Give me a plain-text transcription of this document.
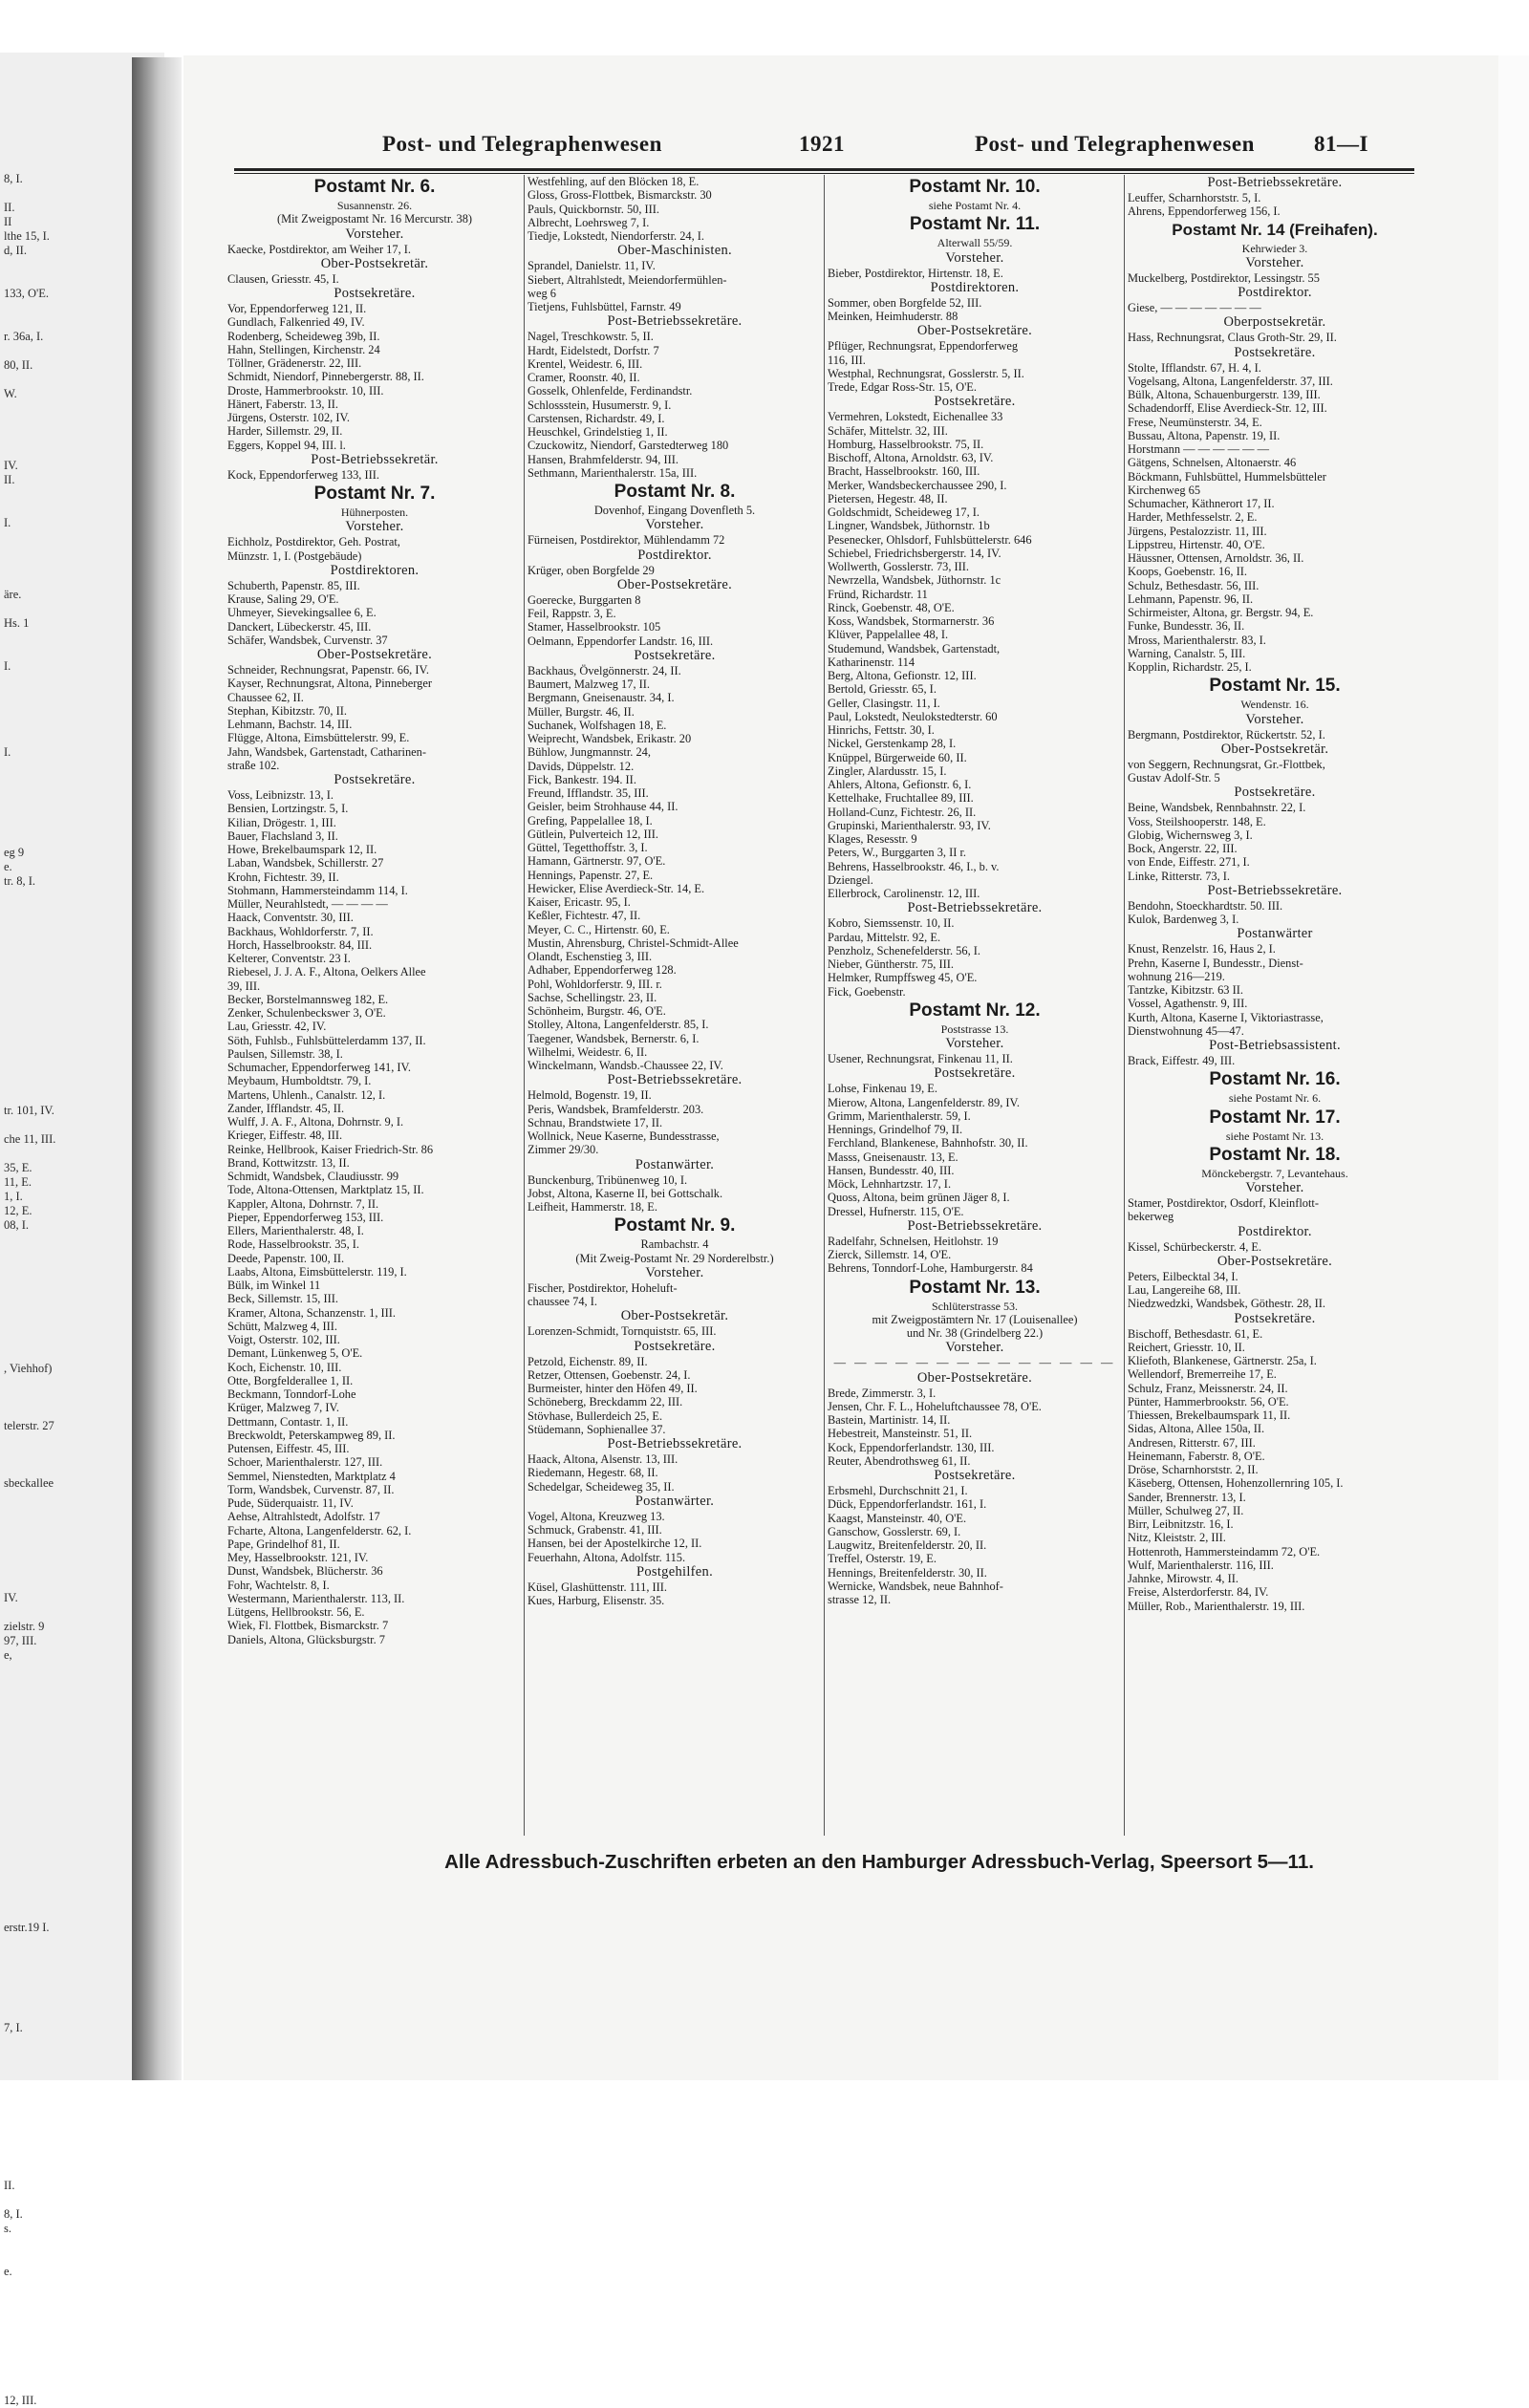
8, I.

II.
II
lthe 15, I.
d, II.

133, O'E.

r. 36a, I.

80, II.

W.

IV.
II.

I.

äre.

Hs. 1

I.

I.

eg 9
e.
tr. 8, I.

tr. 101, IV.

che 11, III.

35, E.
11, E.
1, I.
12, E.
08, I.

, Viehhof)

telerstr. 27

sbeckallee

IV.

zielstr. 9
97, III.
e,

erstr.19 I.

7, I.

II.

8, I.
s.

e.

12, III.
Post- und Telegraphenwesen	1921	Post- und Telegraphenwesen	81—I
Postamt Nr. 6.
Susannenstr. 26.
(Mit Zweigpostamt Nr. 16 Mercurstr. 38)
Vorsteher.
Kaecke, Postdirektor, am Weiher 17, I.
Ober-Postsekretär.
Clausen, Griesstr. 45, I.
Postsekretäre.
Vor, Eppendorferweg 121, II.
Gundlach, Falkenried 49, IV.
Rodenberg, Scheideweg 39b, II.
Hahn, Stellingen, Kirchenstr. 24
Töllner, Grädenerstr. 22, III.
Schmidt, Niendorf, Pinnebergerstr. 88, II.
Droste, Hammerbrookstr. 10, III.
Hänert, Faberstr. 13, II.
Jürgens, Osterstr. 102, IV.
Harder, Sillemstr. 29, II.
Eggers, Koppel 94, III. l.
Post-Betriebssekretär.
Kock, Eppendorferweg 133, III.
Postamt Nr. 7.
Hühnerposten.
Vorsteher.
Eichholz, Postdirektor, Geh. Postrat,
Münzstr. 1, I. (Postgebäude)
Postdirektoren.
Schuberth, Papenstr. 85, III.
Krause, Saling 29, O'E.
Uhmeyer, Sievekingsallee 6, E.
Danckert, Lübeckerstr. 45, III.
Schäfer, Wandsbek, Curvenstr. 37
Ober-Postsekretäre.
Schneider, Rechnungsrat, Papenstr. 66, IV.
Kayser, Rechnungsrat, Altona, Pinneberger
Chaussee 62, II.
Stephan, Kibitzstr. 70, II.
Lehmann, Bachstr. 14, III.
Flügge, Altona, Eimsbüttelerstr. 99, E.
Jahn, Wandsbek, Gartenstadt, Catharinen-
straße 102.
Postsekretäre.
Voss, Leibnizstr. 13, I.
Bensien, Lortzingstr. 5, I.
Kilian, Drögestr. 1, III.
Bauer, Flachsland 3, II.
Howe, Brekelbaumspark 12, II.
Laban, Wandsbek, Schillerstr. 27
Krohn, Fichtestr. 39, II.
Stohmann, Hammersteindamm 114, I.
Müller, Neurahlstedt, — — — —
Haack, Conventstr. 30, III.
Backhaus, Wohldorferstr. 7, II.
Horch, Hasselbrookstr. 84, III.
Kelterer, Conventstr. 23 I.
Riebesel, J. J. A. F., Altona, Oelkers Allee
39, III.
Becker, Borstelmannsweg 182, E.
Zenker, Schulenbeckswег 3, O'E.
Lau, Griesstr. 42, IV.
Söth, Fuhlsb., Fuhlsbüttelerdamm 137, II.
Paulsen, Sillemstr. 38, I.
Schumacher, Eppendorferweg 141, IV.
Meybaum, Humboldtstr. 79, I.
Martens, Uhlenh., Canalstr. 12, I.
Zander, Ifflandstr. 45, II.
Wulff, J. A. F., Altona, Dohrnstr. 9, I.
Krieger, Eiffestr. 48, III.
Reinke, Hellbrook, Kaiser Friedrich-Str. 86
Brand, Kottwitzstr. 13, II.
Schmidt, Wandsbek, Claudiusstr. 99
Tode, Altona-Ottensen, Marktplatz 15, II.
Kappler, Altona, Dohrnstr. 7, II.
Pieper, Eppendorferweg 153, III.
Ellers, Marienthalerstr. 48, I.
Rode, Hasselbrookstr. 35, I.
Deede, Papenstr. 100, II.
Laabs, Altona, Eimsbüttelerstr. 119, I.
Bülk, im Winkel 11
Beck, Sillemstr. 15, III.
Kramer, Altona, Schanzenstr. 1, III.
Schütt, Malzweg 4, III.
Voigt, Osterstr. 102, III.
Demant, Lünkenweg 5, O'E.
Koch, Eichenstr. 10, III.
Otte, Borgfelderallee 1, II.
Beckmann, Tonndorf-Lohe
Krüger, Malzweg 7, IV.
Dettmann, Contastr. 1, II.
Breckwoldt, Peterskampweg 89, II.
Putensen, Eiffestr. 45, III.
Schoer, Marienthalerstr. 127, III.
Semmel, Nienstedten, Marktplatz 4
Torm, Wandsbek, Curvenstr. 87, II.
Pude, Süderquaistr. 11, IV.
Aehse, Altrahlstedt, Adolfstr. 17
Fcharte, Altona, Langenfelderstr. 62, I.
Pape, Grindelhof 81, II.
Mey, Hasselbrookstr. 121, IV.
Dunst, Wandsbek, Blücherstr. 36
Fohr, Wachtelstr. 8, I.
Westermann, Marienthalerstr. 113, II.
Lütgens, Hellbrookstr. 56, E.
Wiek, Fl. Flottbek, Bismarckstr. 7
Daniels, Altona, Glücksburgstr. 7
Westfehling, auf den Blöcken 18, E.
Gloss, Gross-Flottbek, Bismarckstr. 30
Pauls, Quickbornstr. 50, III.
Albrecht, Loehrsweg 7, I.
Tiedje, Lokstedt, Niendorferstr. 24, I.
Ober-Maschinisten.
Sprandel, Danielstr. 11, IV.
Siebert, Altrahlstedt, Meiendorfermühlen-
weg 6
Tietjens, Fuhlsbüttel, Farnstr. 49
Post-Betriebssekretäre.
Nagel, Treschkowstr. 5, II.
Hardt, Eidelstedt, Dorfstr. 7
Krentel, Weidestr. 6, III.
Cramer, Roonstr. 40, II.
Gosselk, Ohlenfelde, Ferdinandstr.
Schlossstein, Husumerstr. 9, I.
Carstensen, Richardstr. 49, I.
Heuschkel, Grindelstieg 1, II.
Czuckowitz, Niendorf, Garstedterweg 180
Hansen, Brahmfelderstr. 94, III.
Sethmann, Marienthalerstr. 15a, III.
Postamt Nr. 8.
Dovenhof, Eingang Dovenfleth 5.
Vorsteher.
Fürneisen, Postdirektor, Mühlendamm 72
Postdirektor.
Krüger, oben Borgfelde 29
Ober-Postsekretäre.
Goerecke, Burggarten 8
Feil, Rappstr. 3, E.
Stamer, Hasselbrookstr. 105
Oelmann, Eppendorfer Landstr. 16, III.
Postsekretäre.
Backhaus, Övelgönnerstr. 24, II.
Baumert, Malzweg 17, II.
Bergmann, Gneisenaustr. 34, I.
Müller, Burgstr. 46, II.
Suchanek, Wolfshagen 18, E.
Weiprecht, Wandsbek, Erikastr. 20
Bühlow, Jungmannstr. 24,
Davids, Düppelstr. 12.
Fick, Bankestr. 194. II.
Freund, Ifflandstr. 35, III.
Geisler, beim Strohhause 44, II.
Grefing, Pappelallee 18, I.
Gütlein, Pulverteich 12, III.
Güttel, Tegetthoffstr. 3, I.
Hamann, Gärtnerstr. 97, O'E.
Hennings, Papenstr. 27, E.
Hewicker, Elise Averdieck-Str. 14, E.
Kaiser, Ericastr. 95, I.
Keßler, Fichtestr. 47, II.
Meyer, C. C., Hirtenstr. 60, E.
Mustin, Ahrensburg, Christel-Schmidt-Allee
Olandt, Eschenstieg 3, III.
Adhaber, Eppendorferweg 128.
Pohl, Wohldorferstr. 9, III. r.
Sachse, Schellingstr. 23, II.
Schönheim, Burgstr. 46, O'E.
Stolley, Altona, Langenfelderstr. 85, I.
Taegener, Wandsbek, Bernerstr. 6, I.
Wilhelmi, Weidestr. 6, II.
Winckelmann, Wandsb.-Chaussee 22, IV.
Post-Betriebssekretäre.
Helmold, Bogenstr. 19, II.
Peris, Wandsbek, Bramfelderstr. 203.
Schnau, Brandstwiete 17, II.
Wollnick, Neue Kaserne, Bundesstrasse,
Zimmer 29/30.
Postanwärter.
Bunckenburg, Tribünenweg 10, I.
Jobst, Altona, Kaserne II, bei Gottschalk.
Leifheit, Hammerstr. 18, E.
Postamt Nr. 9.
Rambachstr. 4
(Mit Zweig-Postamt Nr. 29 Norderelbstr.)
Vorsteher.
Fischer, Postdirektor, Hoheluft-
chaussee 74, I.
Ober-Postsekretär.
Lorenzen-Schmidt, Tornquiststr. 65, III.
Postsekretäre.
Petzold, Eichenstr. 89, II.
Retzer, Ottensen, Goebenstr. 24, I.
Burmeister, hinter den Höfen 49, II.
Schöneberg, Breckdamm 22, III.
Stövhase, Bullerdeich 25, E.
Stüdemann, Sophienallee 37.
Post-Betriebssekretäre.
Haack, Altona, Alsenstr. 13, III.
Riedemann, Hegestr. 68, II.
Schedelgar, Scheideweg 35, II.
Postanwärter.
Vogel, Altona, Kreuzweg 13.
Schmuck, Grabenstr. 41, III.
Hansen, bei der Apostelkirche 12, II.
Feuerhahn, Altona, Adolfstr. 115.
Postgehilfen.
Küsel, Glashüttenstr. 111, III.
Kues, Harburg, Elisenstr. 35.
Postamt Nr. 10.
siehe Postamt Nr. 4.
Postamt Nr. 11.
Alterwall 55/59.
Vorsteher.
Bieber, Postdirektor, Hirtenstr. 18, E.
Postdirektoren.
Sommer, oben Borgfelde 52, III.
Meinken, Heimhuderstr. 88
Ober-Postsekretäre.
Pflüger, Rechnungsrat, Eppendorferweg
116, III.
Westphal, Rechnungsrat, Gosslerstr. 5, II.
Trede, Edgar Ross-Str. 15, O'E.
Postsekretäre.
Vermehren, Lokstedt, Eichenallee 33
Schäfer, Mittelstr. 32, III.
Homburg, Hasselbrookstr. 75, II.
Bischoff, Altona, Arnoldstr. 63, IV.
Bracht, Hasselbrookstr. 160, III.
Merker, Wandsbeckerchaussee 290, I.
Pietersen, Hegestr. 48, II.
Goldschmidt, Scheideweg 17, I.
Lingner, Wandsbek, Jüthornstr. 1b
Pesenecker, Ohlsdorf, Fuhlsbüttelerstr. 646
Schiebel, Friedrichsbergerstr. 14, IV.
Wollwerth, Gosslerstr. 73, III.
Newrzella, Wandsbek, Jüthornstr. 1c
Fründ, Richardstr. 11
Rinck, Goebenstr. 48, O'E.
Koss, Wandsbek, Stormarnerstr. 36
Klüver, Pappelallee 48, I.
Studemund, Wandsbek, Gartenstadt,
Katharinenstr. 114
Berg, Altona, Gefionstr. 12, III.
Bertold, Griesstr. 65, I.
Geller, Clasingstr. 11, I.
Paul, Lokstedt, Neulokstedterstr. 60
Hinrichs, Fettstr. 30, I.
Nickel, Gerstenkamp 28, I.
Knüppel, Bürgerweide 60, II.
Zingler, Alardusstr. 15, I.
Ahlers, Altona, Gefionstr. 6, I.
Kettelhake, Fruchtallee 89, III.
Holland-Cunz, Fichtestr. 26, II.
Grupinski, Marienthalerstr. 93, IV.
Klages, Resesstr. 9
Peters, W., Burggarten 3, II r.
Behrens, Hasselbrookstr. 46, I., b. v.
Dziengel.
Ellerbrock, Carolinenstr. 12, III.
Post-Betriebssekretäre.
Kobro, Siemssenstr. 10, II.
Pardau, Mittelstr. 92, E.
Penzholz, Schenefelderstr. 56, I.
Nieber, Güntherstr. 75, III.
Helmker, Rumpffsweg 45, O'E.
Fick, Goebenstr.
Postamt Nr. 12.
Poststrasse 13.
Vorsteher.
Usener, Rechnungsrat, Finkenau 11, II.
Postsekretäre.
Lohse, Finkenau 19, E.
Mierow, Altona, Langenfelderstr. 89, IV.
Grimm, Marienthalerstr. 59, I.
Hennings, Grindelhof 79, II.
Ferchland, Blankenese, Bahnhofstr. 30, II.
Masss, Gneisenaustr. 13, E.
Hansen, Bundesstr. 40, III.
Möck, Lehnhartzstr. 17, I.
Quoss, Altona, beim grünen Jäger 8, I.
Dressel, Hufnerstr. 115, O'E.
Post-Betriebssekretäre.
Radelfahr, Schnelsen, Heitlohstr. 19
Zierck, Sillemstr. 14, O'E.
Behrens, Tonndorf-Lohe, Hamburgerstr. 84
Postamt Nr. 13.
Schlüterstrasse 53.
mit Zweigpostämtern Nr. 17 (Louisenallee)
und Nr. 38 (Grindelberg 22.)
Vorsteher.
— — — — — — — — — — — — — —
Ober-Postsekretäre.
Brede, Zimmerstr. 3, I.
Jensen, Chr. F. L., Hoheluftchaussee 78, O'E.
Bastein, Martinistr. 14, II.
Hebestreit, Mansteinstr. 51, II.
Kock, Eppendorferlandstr. 130, III.
Reuter, Abendrothsweg 61, II.
Postsekretäre.
Erbsmehl, Durchschnitt 21, I.
Dück, Eppendorferlandstr. 161, I.
Kaagst, Mansteinstr. 40, O'E.
Ganschow, Gosslerstr. 69, I.
Laugwitz, Breitenfelderstr. 20, II.
Treffel, Osterstr. 19, E.
Hennings, Breitenfelderstr. 30, II.
Wernicke, Wandsbek, neue Bahnhof-
strasse 12, II.
Post-Betriebssekretäre.
Leuffer, Scharnhorststr. 5, I.
Ahrens, Eppendorferweg 156, I.
Postamt Nr. 14 (Freihafen).
Kehrwieder 3.
Vorsteher.
Muckelberg, Postdirektor, Lessingstr. 55
Postdirektor.
Giese, — — — — — — —
Oberpostsekretär.
Hass, Rechnungsrat, Claus Groth-Str. 29, II.
Postsekretäre.
Stolte, Ifflandstr. 67, H. 4, I.
Vogelsang, Altona, Langenfelderstr. 37, III.
Bülk, Altona, Schauenburgerstr. 139, III.
Schadendorff, Elise Averdieck-Str. 12, III.
Frese, Neumünsterstr. 34, E.
Bussau, Altona, Papenstr. 19, II.
Horstmann — — — — — —
Gätgens, Schnelsen, Altonaerstr. 46
Böckmann, Fuhlsbüttel, Hummelsbütteler
Kirchenweg 65
Schumacher, Käthnerort 17, II.
Harder, Methfesselstr. 2, E.
Jürgens, Pestalozzistr. 11, III.
Lippstreu, Hirtenstr. 40, O'E.
Häussner, Ottensen, Arnoldstr. 36, II.
Koops, Goebenstr. 16, II.
Schulz, Bethesdastr. 56, III.
Lehmann, Papenstr. 96, II.
Schirmeister, Altona, gr. Bergstr. 94, E.
Funke, Bundesstr. 36, II.
Mross, Marienthalerstr. 83, I.
Warning, Canalstr. 5, III.
Kopplin, Richardstr. 25, I.
Postamt Nr. 15.
Wendenstr. 16.
Vorsteher.
Bergmann, Postdirektor, Rückertstr. 52, I.
Ober-Postsekretär.
von Seggern, Rechnungsrat, Gr.-Flottbek,
Gustav Adolf-Str. 5
Postsekretäre.
Beine, Wandsbek, Rennbahnstr. 22, I.
Voss, Steilshooperstr. 148, E.
Globig, Wichernsweg 3, I.
Bock, Angerstr. 22, III.
von Ende, Eiffestr. 271, I.
Linke, Ritterstr. 73, I.
Post-Betriebssekretäre.
Bendohn, Stoeckhardtstr. 50. III.
Kulok, Bardenweg 3, I.
Postanwärter
Knust, Renzelstr. 16, Haus 2, I.
Prehn, Kaserne I, Bundesstr., Dienst-
wohnung 216—219.
Tantzke, Kibitzstr. 63 II.
Vossel, Agathenstr. 9, III.
Kurth, Altona, Kaserne I, Viktoriastrasse,
Dienstwohnung 45—47.
Post-Betriebsassistent.
Brack, Eiffestr. 49, III.
Postamt Nr. 16.
siehe Postamt Nr. 6.
Postamt Nr. 17.
siehe Postamt Nr. 13.
Postamt Nr. 18.
Mönckebergstr. 7, Levantehaus.
Vorsteher.
Stamer, Postdirektor, Osdorf, Kleinflott-
bekerweg
Postdirektor.
Kissel, Schürbeckerstr. 4, E.
Ober-Postsekretäre.
Peters, Eilbecktal 34, I.
Lau, Langereihe 68, III.
Niedzwedzki, Wandsbek, Göthestr. 28, II.
Postsekretäre.
Bischoff, Bethesdastr. 61, E.
Reichert, Griesstr. 10, II.
Kliefoth, Blankenese, Gärtnerstr. 25a, I.
Wellendorf, Bremerreihe 17, E.
Schulz, Franz, Meissnerstr. 24, II.
Pünter, Hammerbrookstr. 56, O'E.
Thiessen, Brekelbaumspark 11, II.
Sidas, Altona, Allee 150a, II.
Andresen, Ritterstr. 67, III.
Heinemann, Faberstr. 8, O'E.
Dröse, Scharnhorststr. 2, II.
Käseberg, Ottensen, Hohenzollernring 105, I.
Sander, Brennerstr. 13, I.
Müller, Schulweg 27, II.
Birr, Leibnitzstr. 16, I.
Nitz, Kleiststr. 2, III.
Hottenroth, Hammersteindamm 72, O'E.
Wulf, Marienthalerstr. 116, III.
Jahnke, Mirowstr. 4, II.
Freise, Alsterdorferstr. 84, IV.
Müller, Rob., Marienthalerstr. 19, III.
Alle Adressbuch-Zuschriften erbeten an den Hamburger Adressbuch-Verlag, Speersort 5—11.
